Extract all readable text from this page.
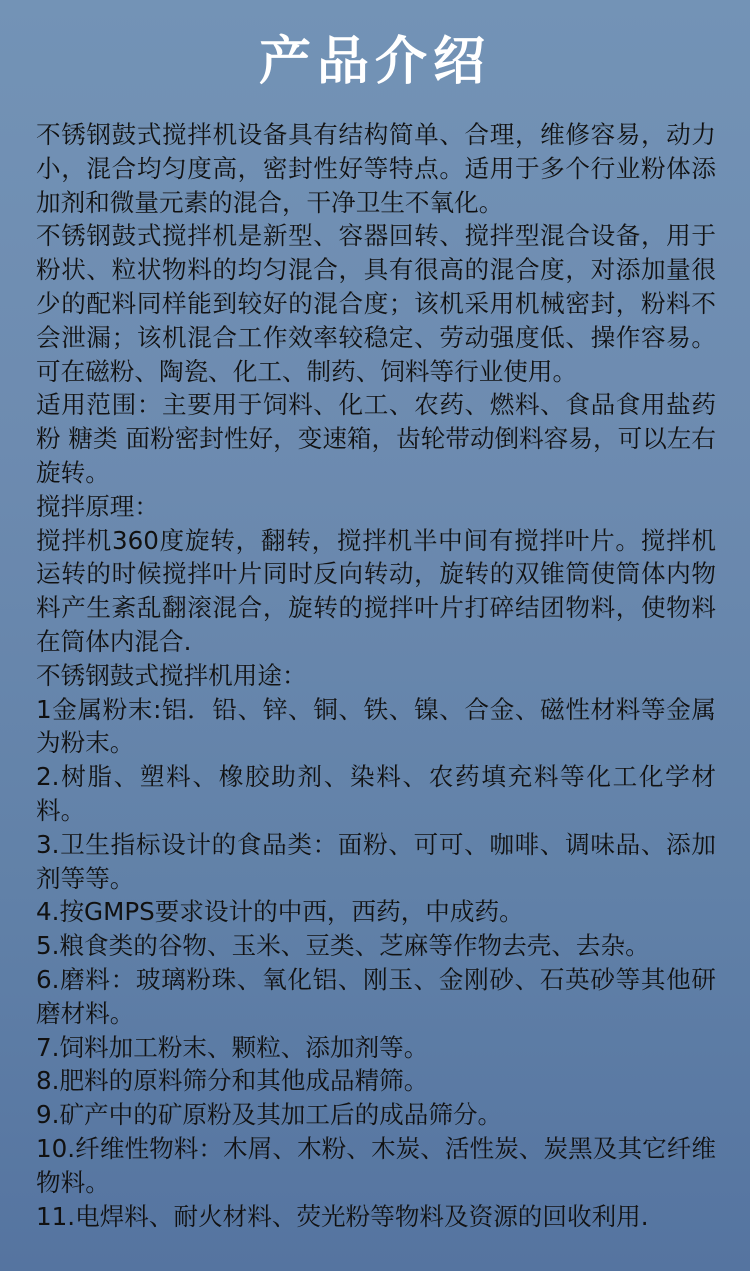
产品介绍

不锈钢鼓式搅拌机设备具有结构简单、合理，维修容易，动力小，混合均匀度高，密封性好等特点。适用于多个行业粉体添加剂和微量元素的混合，干净卫生不氧化。

不锈钢鼓式搅拌机是新型、容器回转、搅拌型混合设备，用于粉状、粒状物料的均匀混合，具有很高的混合度，对添加量很少的配料同样能到较好的混合度；该机采用机械密封，粉料不会泄漏；该机混合工作效率较稳定、劳动强度低、操作容易。可在磁粉、陶瓷、化工、制药、饲料等行业使用。

适用范围：主要用于饲料、化工、农药、燃料、食品食用盐药粉 糖类 面粉密封性好，变速箱，齿轮带动倒料容易，可以左右旋转。

搅拌原理：

搅拌机360度旋转，翻转，搅拌机半中间有搅拌叶片。搅拌机运转的时候搅拌叶片同时反向转动，旋转的双锥筒使筒体内物料产生紊乱翻滚混合，旋转的搅拌叶片打碎结团物料，使物料在筒体内混合.

不锈钢鼓式搅拌机用途：

1金属粉末:铝．铅、锌、铜、铁、镍、合金、磁性材料等金属为粉末。

2.树脂、塑料、橡胶助剂、染料、农药填充料等化工化学材料。

3.卫生指标设计的食品类：面粉、可可、咖啡、调味品、添加剂等等。

4.按GMPS要求设计的中西，西药，中成药。

5.粮食类的谷物、玉米、豆类、芝麻等作物去壳、去杂。

6.磨料：玻璃粉珠、氧化铝、刚玉、金刚砂、石英砂等其他研磨材料。

7.饲料加工粉末、颗粒、添加剂等。

8.肥料的原料筛分和其他成品精筛。

9.矿产中的矿原粉及其加工后的成品筛分。

10.纤维性物料：木屑、木粉、木炭、活性炭、炭黑及其它纤维物料。

11.电焊料、耐火材料、荧光粉等物料及资源的回收利用.
